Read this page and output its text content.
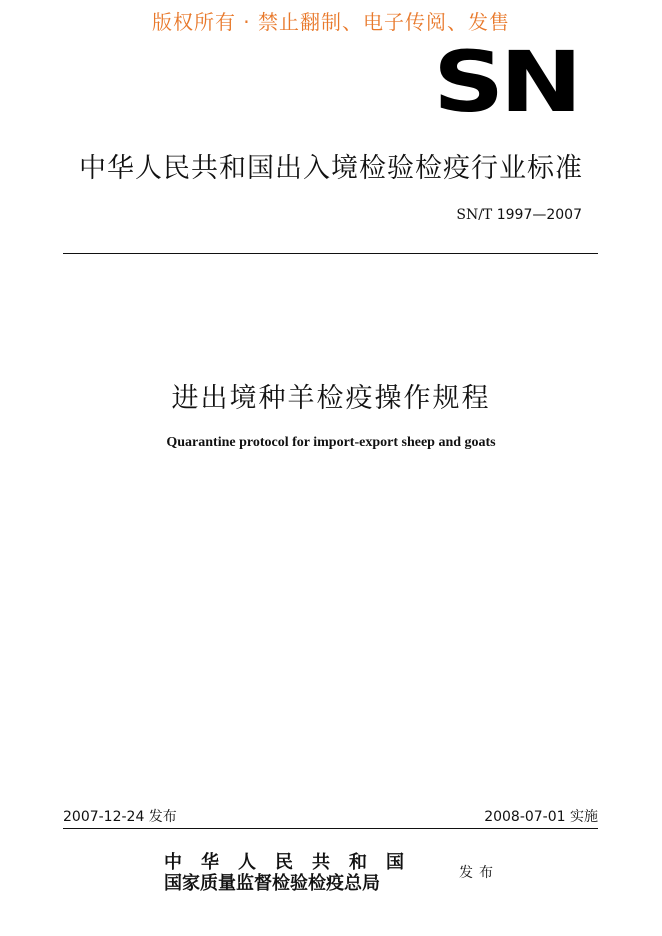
版权所有 · 禁止翻制、电子传阅、发售
SN
中华人民共和国出入境检验检疫行业标准
SN/T 1997—2007
进出境种羊检疫操作规程
Quarantine protocol for import-export sheep and goats
2007-12-24 发布	2008-07-01 实施
中华人民共和国
国家质量监督检验检疫总局	发布
